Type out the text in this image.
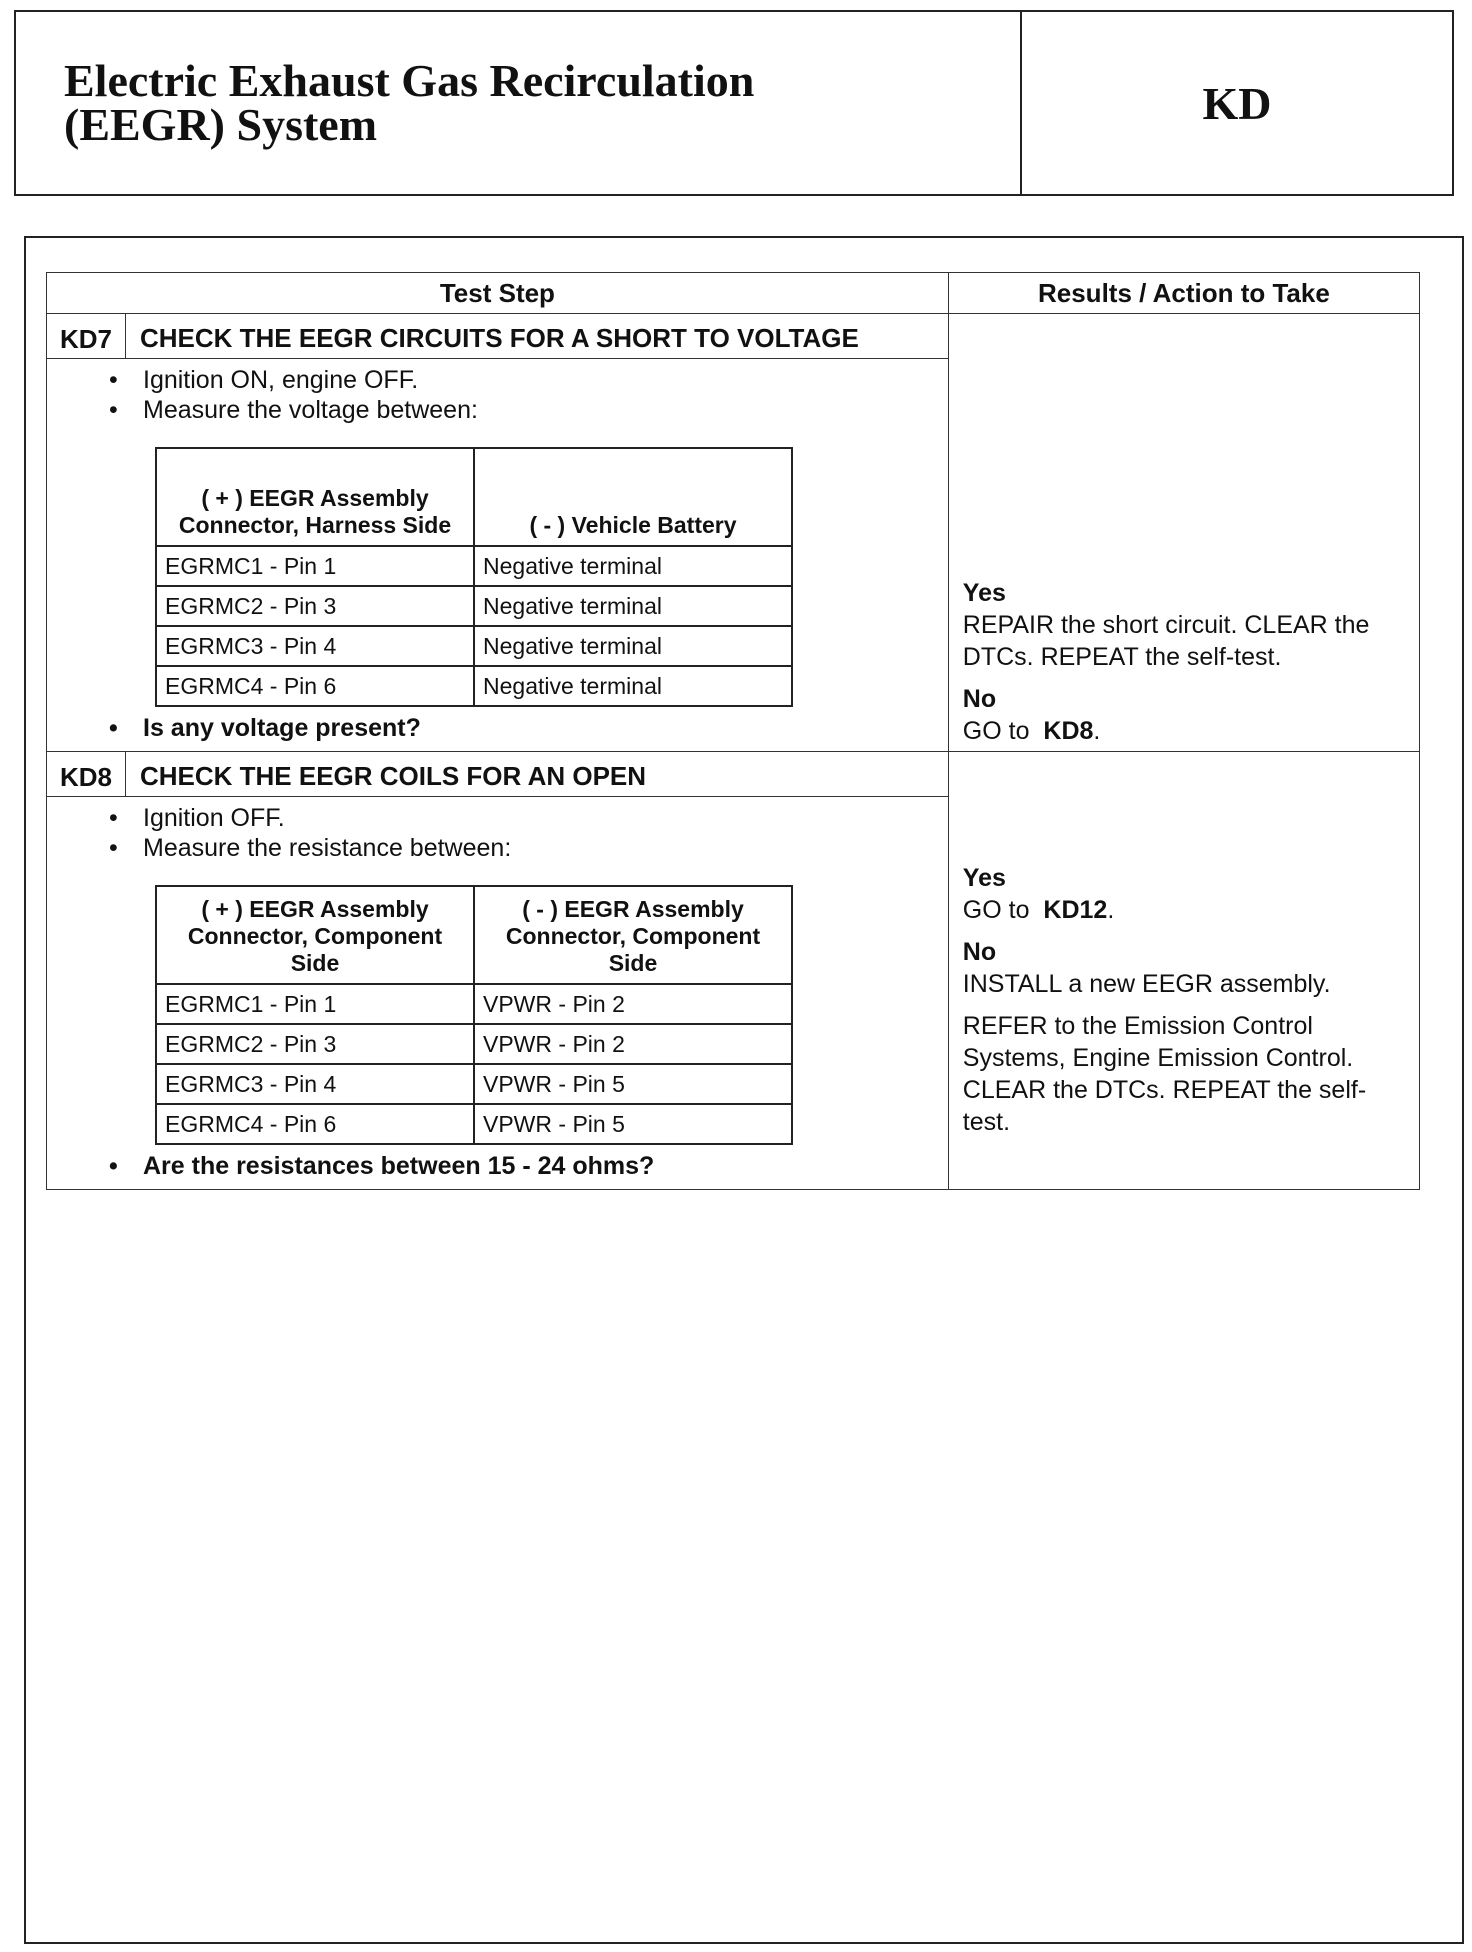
Electric Exhaust Gas Recirculation
(EEGR) System	KD
Test Step	Results / Action to Take
KD7	CHECK THE EEGR CIRCUITS FOR A SHORT TO VOLTAGE	
Yes

REPAIR the short circuit. CLEAR the DTCs. REPEAT the self-test.

No

GO to KD8.

• Ignition ON, engine OFF.
• Measure the voltage between:
( + ) EEGR Assembly Connector, Harness Side	( - ) Vehicle Battery
EGRMC1 - Pin 1	Negative terminal
EGRMC2 - Pin 3	Negative terminal
EGRMC3 - Pin 4	Negative terminal
EGRMC4 - Pin 6	Negative terminal
• Is any voltage present?

KD8	CHECK THE EEGR COILS FOR AN OPEN	
Yes

GO to KD12.

No

INSTALL a new EEGR assembly.

REFER to the Emission Control Systems, Engine Emission Control.

CLEAR the DTCs. REPEAT the self-test.

• Ignition OFF.
• Measure the resistance between:
( + ) EEGR Assembly Connector, Component Side	( - ) EEGR Assembly Connector, Component Side
EGRMC1 - Pin 1	VPWR - Pin 2
EGRMC2 - Pin 3	VPWR - Pin 2
EGRMC3 - Pin 4	VPWR - Pin 5
EGRMC4 - Pin 6	VPWR - Pin 5
• Are the resistances between 15 - 24 ohms?
